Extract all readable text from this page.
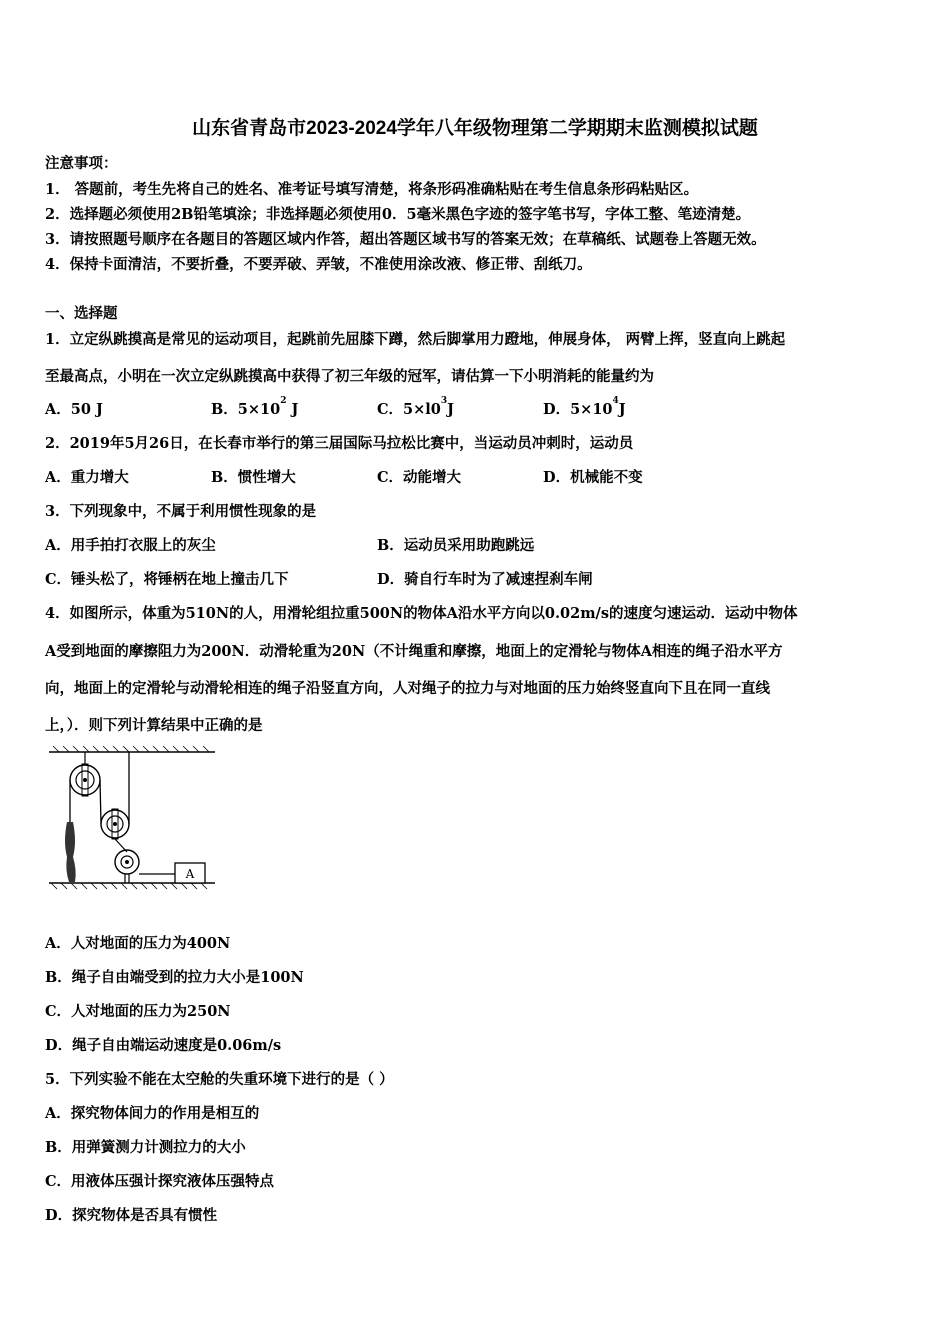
山东省青岛市2023-2024学年八年级物理第二学期期末监测模拟试题
注意事项：
1． 答题前，考生先将自己的姓名、准考证号填写清楚，将条形码准确粘贴在考生信息条形码粘贴区。
2．选择题必须使用2B铅笔填涂；非选择题必须使用0．5毫米黑色字迹的签字笔书写，字体工整、笔迹清楚。
3．请按照题号顺序在各题目的答题区域内作答，超出答题区域书写的答案无效；在草稿纸、试题卷上答题无效。
4．保持卡面清洁，不要折叠，不要弄破、弄皱，不准使用涂改液、修正带、刮纸刀。
一、选择题
1．立定纵跳摸高是常见的运动项目，起跳前先屈膝下蹲，然后脚掌用力蹬地，伸展身体， 两臂上挥，竖直向上跳起
至最高点，小明在一次立定纵跳摸高中获得了初三年级的冠军，请估算一下小明消耗的能量约为
A．50 J	B．$5\times 10^2$ J	C．$5\times l0^3J$	D．$5\times 10^4J$
2．2019年5月26日，在长春市举行的第三届国际马拉松比赛中，当运动员冲刺时，运动员
A．重力增大	B．惯性增大	C．动能增大	D．机械能不变
3．下列现象中，不属于利用惯性现象的是
A．用手拍打衣服上的灰尘	B．运动员采用助跑跳远
C．锤头松了，将锤柄在地上撞击几下	D．骑自行车时为了减速捏刹车闸
4．如图所示，体重为510N的人，用滑轮组拉重500N的物体A沿水平方向以0.02m/s的速度匀速运动．运动中物体
A受到地面的摩擦阻力为200N．动滑轮重为20N（不计绳重和摩擦，地面上的定滑轮与物体A相连的绳子沿水平方
向，地面上的定滑轮与动滑轮相连的绳子沿竖直方向，人对绳子的拉力与对地面的压力始终竖直向下且在同一直线
上，）．则下列计算结果中正确的是
A
A．人对地面的压力为400N
B．绳子自由端受到的拉力大小是100N
C．人对地面的压力为250N
D．绳子自由端运动速度是0.06m/s
5．下列实验不能在太空舱的失重环境下进行的是（ ）
A．探究物体间力的作用是相互的
B．用弹簧测力计测拉力的大小
C．用液体压强计探究液体压强特点
D．探究物体是否具有惯性
